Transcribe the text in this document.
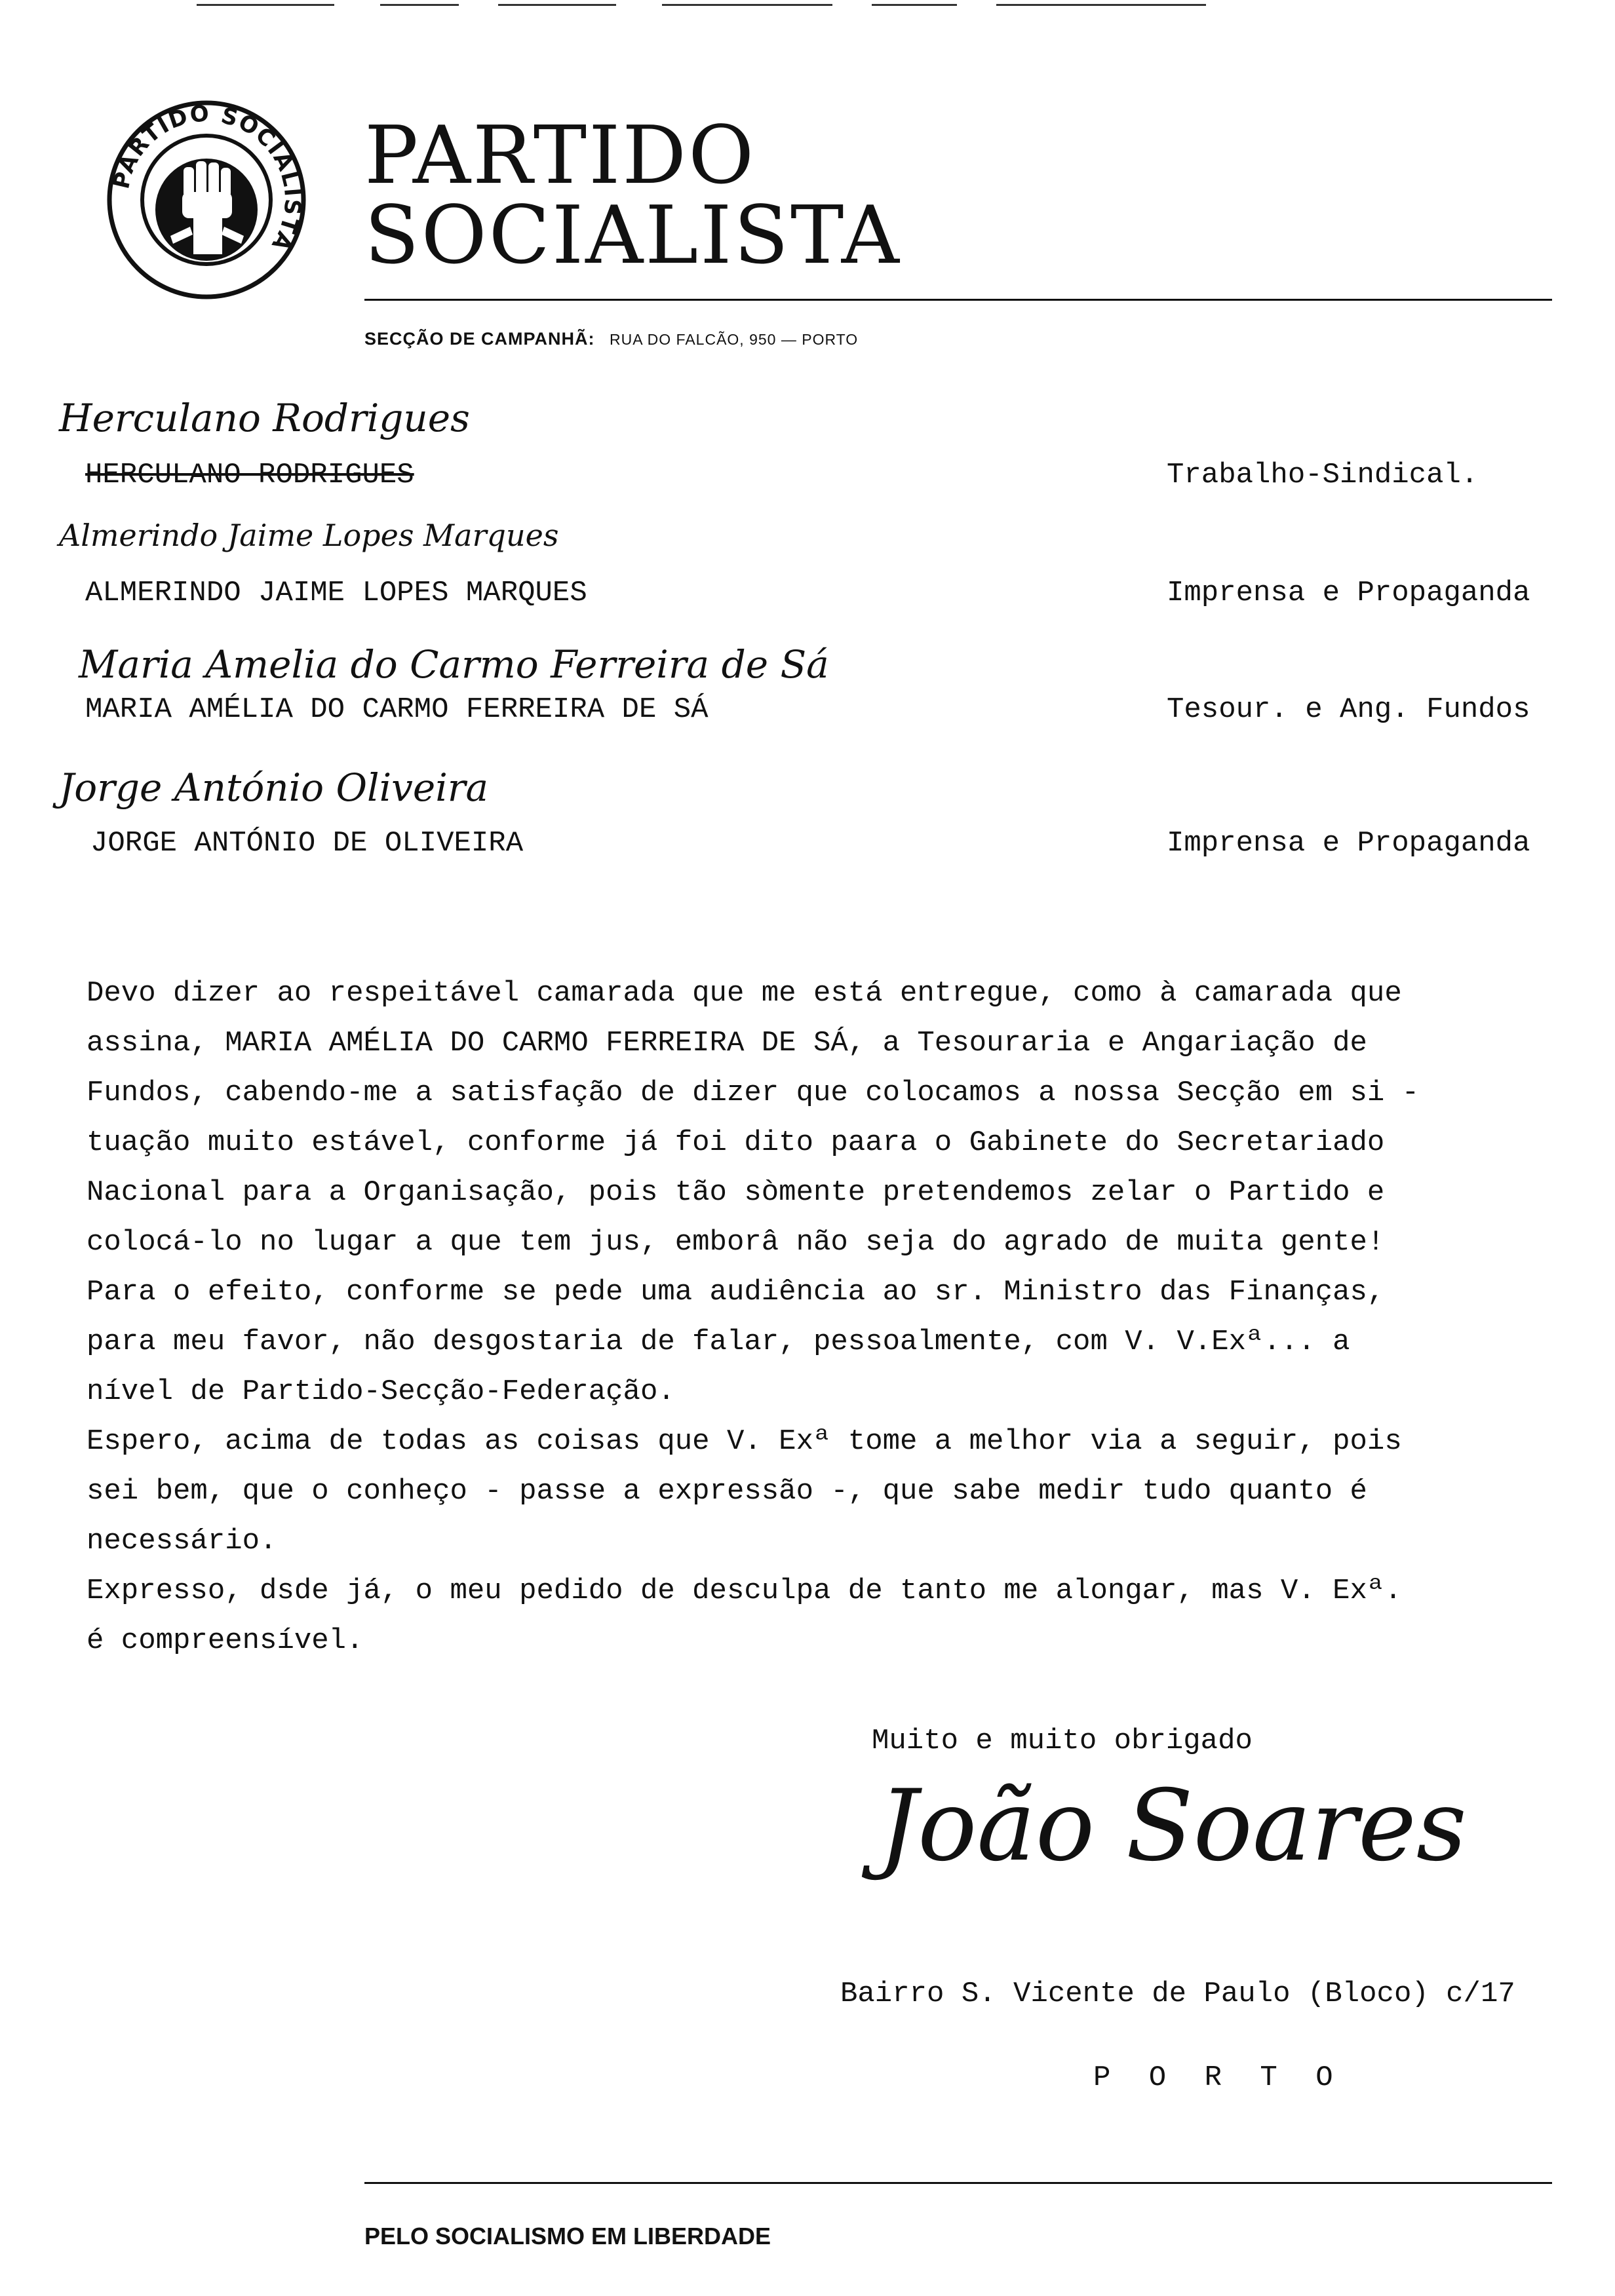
PARTIDO SOCIALISTA
PARTIDO
SOCIALISTA
SECÇÃO DE CAMPANHÃ: RUA DO FALCÃO, 950 — PORTO
Herculano Rodrigues
HERCULANO RODRIGUES	Trabalho-Sindical.
Almerindo Jaime Lopes Marques
ALMERINDO JAIME LOPES MARQUES	Imprensa e Propaganda
Maria Amelia do Carmo Ferreira de Sá
MARIA AMÉLIA DO CARMO FERREIRA DE SÁ	Tesour. e Ang. Fundos
Jorge António Oliveira
JORGE ANTÓNIO DE OLIVEIRA	Imprensa e Propaganda

Devo dizer ao respeitável camarada que me está entregue, como à camarada que

assina, MARIA AMÉLIA DO CARMO FERREIRA DE SÁ, a Tesouraria e Angariação de

Fundos, cabendo-me a satisfação de dizer que colocamos a nossa Secção em si -

tuação muito estável, conforme já foi dito paara o Gabinete do Secretariado

Nacional para a Organisação, pois tão sòmente pretendemos zelar o Partido e

colocá-lo no lugar a que tem jus, emborâ não seja do agrado de muita gente!

Para o efeito, conforme se pede uma audiência ao sr. Ministro das Finanças,

para meu favor, não desgostaria de falar, pessoalmente, com V. V.Exª... a

nível de Partido-Secção-Federação.

Espero, acima de todas as coisas que V. Exª tome a melhor via a seguir, pois

sei bem, que o conheço - passe a expressão -, que sabe medir tudo quanto é

necessário.

Expresso, dsde já, o meu pedido de desculpa de tanto me alongar, mas V. Exª.

é compreensível.

Muito e muito obrigado
João Soares
Bairro S. Vicente de Paulo (Bloco) c/17
P O R T O
PELO SOCIALISMO EM LIBERDADE
